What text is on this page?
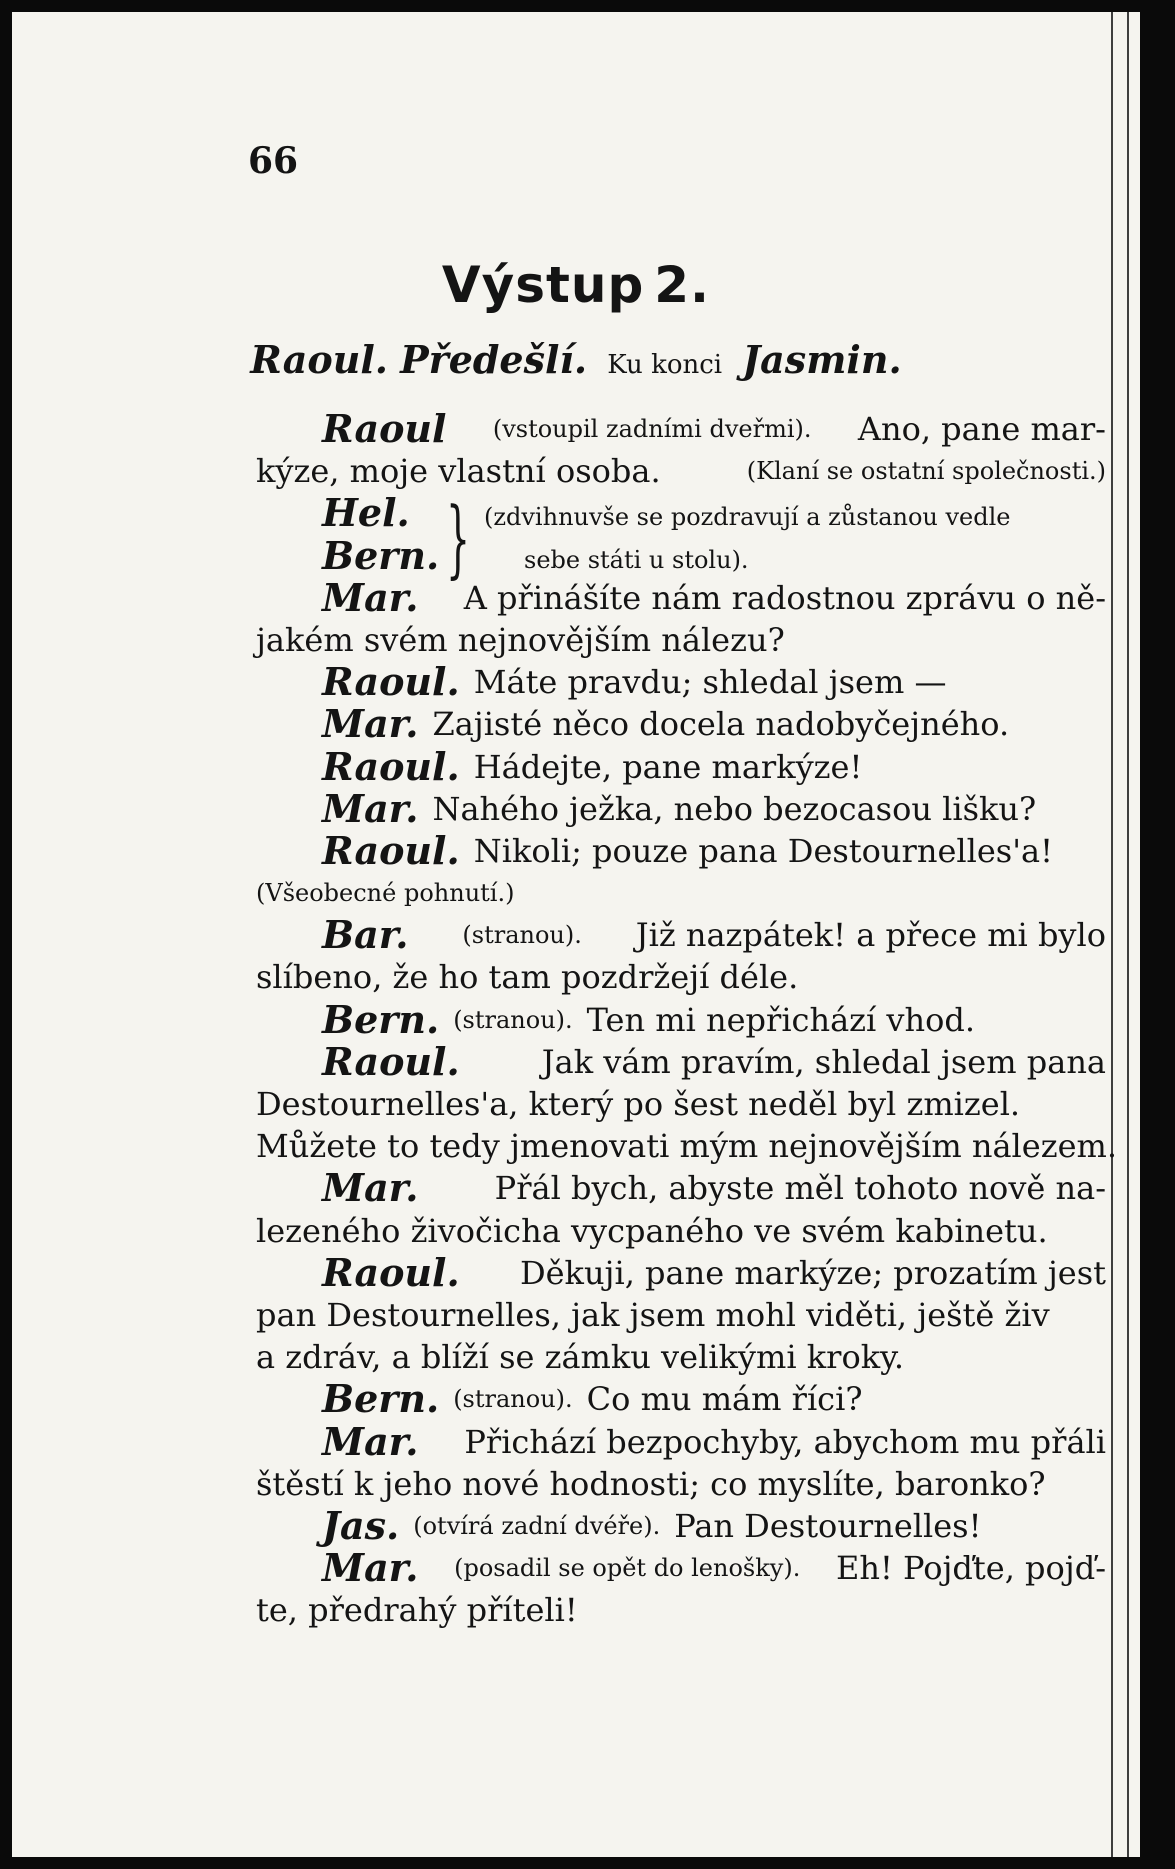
66
Výstup 2.
Raoul. Předešlí. Ku konci Jasmin.
Raoul (vstoupil zadními dveřmi). Ano, pane mar-
kýze, moje vlastní osoba.	(Klaní se ostatní společnosti.)
Hel. } (zdvihnuvše se pozdravují a zůstanou vedle
Bern.	sebe státi u stolu).
Mar. A přinášíte nám radostnou zprávu o ně-
jakém svém nejnovějším nálezu?
Raoul. Máte pravdu; shledal jsem —
Mar. Zajisté něco docela nadobyčejného.
Raoul. Hádejte, pane markýze!
Mar. Nahého ježka, nebo bezocasou lišku?
Raoul. Nikoli; pouze pana Destournelles'a!
(Všeobecné pohnutí.)
Bar. (stranou). Již nazpátek! a přece mi bylo
slíbeno, že ho tam pozdržejí déle.
Bern. (stranou). Ten mi nepřichází vhod.
Raoul.	Jak vám pravím, shledal jsem pana
Destournelles'a, který po šest neděl byl zmizel.
Můžete to tedy jmenovati mým nejnovějším nálezem.
Mar. Přál bych, abyste měl tohoto nově na-
lezeného živočicha vycpaného ve svém kabinetu.
Raoul. Děkuji, pane markýze; prozatím jest
pan Destournelles, jak jsem mohl viděti, ještě živ
a zdráv, a blíží se zámku velikými kroky.
Bern. (stranou). Co mu mám říci?
Mar. Přichází bezpochyby, abychom mu přáli
štěstí k jeho nové hodnosti; co myslíte, baronko?
Jas. (otvírá zadní dvéře). Pan Destournelles!
Mar. (posadil se opět do lenošky). Eh! Pojďte, pojď-
te, předrahý příteli!
